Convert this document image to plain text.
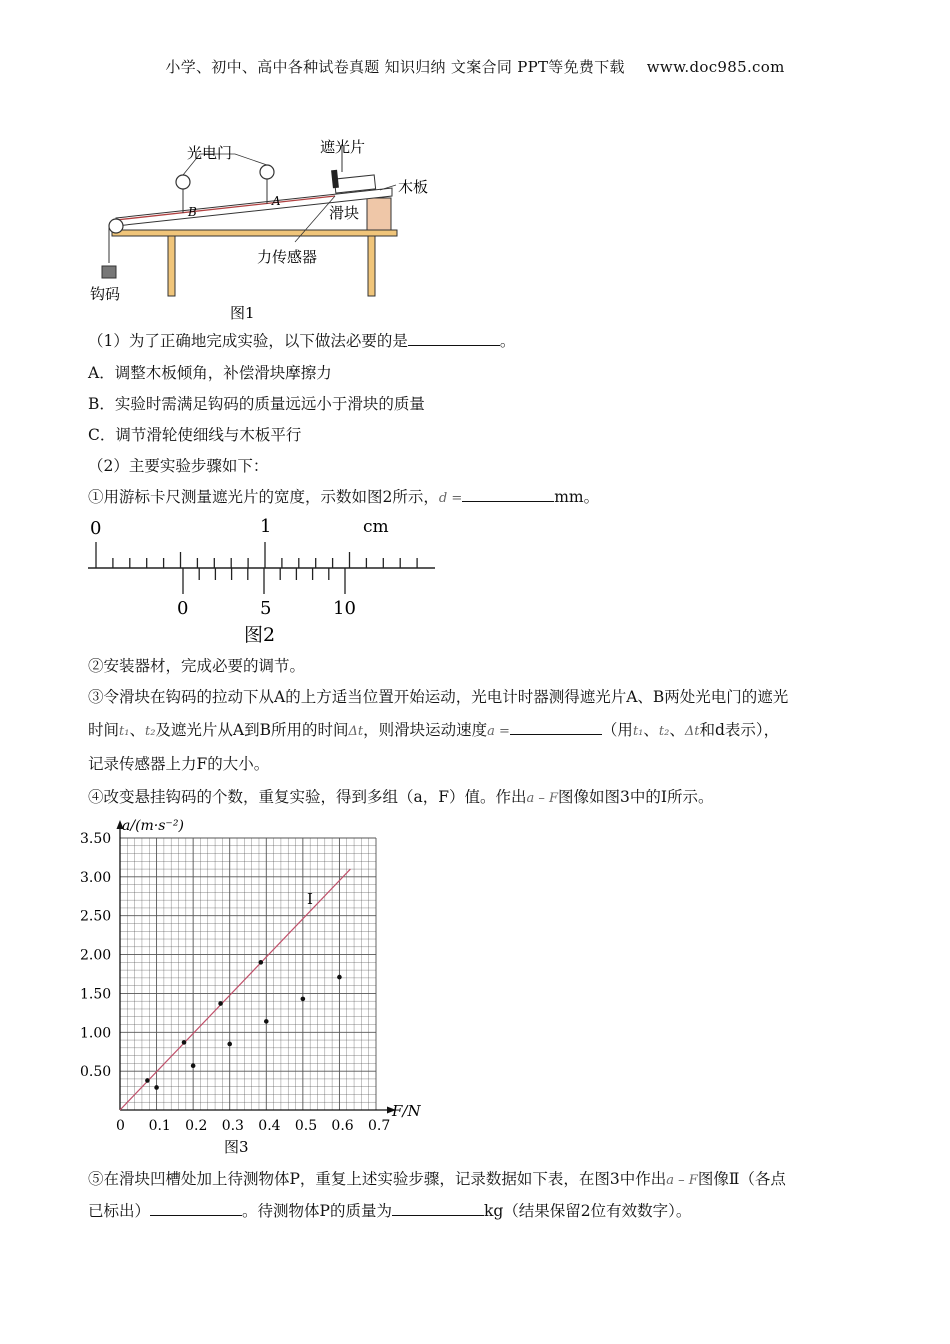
小学、初中、高中各种试卷真题 知识归纳 文案合同 PPT等免费下载 www.doc985.com
光电门	遮光片
木板
滑块
力传感器
钩码
B
A
图1
（1）为了正确地完成实验，以下做法必要的是	。
A．调整木板倾角，补偿滑块摩擦力
B．实验时需满足钩码的质量远远小于滑块的质量
C．调节滑轮使细线与木板平行
（2）主要实验步骤如下：
①用游标卡尺测量遮光片的宽度，示数如图2所示，d =	mm。
0	1	cm
0	5	10
图2
②安装器材，完成必要的调节。
③令滑块在钩码的拉动下从A的上方适当位置开始运动，光电计时器测得遮光片A、B两处光电门的遮光
时间t₁、t₂及遮光片从A到B所用的时间Δt，则滑块运动速度a =	（用t₁、t₂、Δt和d表示），
记录传感器上力F的大小。
④改变悬挂钩码的个数，重复实验，得到多组（a，F）值。作出a – F图像如图3中的Ⅰ所示。
0 0.1 0.2 0.3 0.4 0.5 0.6 0.7
0.50
1.00
1.50
2.00
2.50
3.00
3.50
a/(m·s⁻²)
F/N
Ⅰ
图3
⑤在滑块凹槽处加上待测物体P，重复上述实验步骤，记录数据如下表，在图3中作出a – F图像Ⅱ（各点
已标出）	。待测物体P的质量为	kg（结果保留2位有效数字）。
